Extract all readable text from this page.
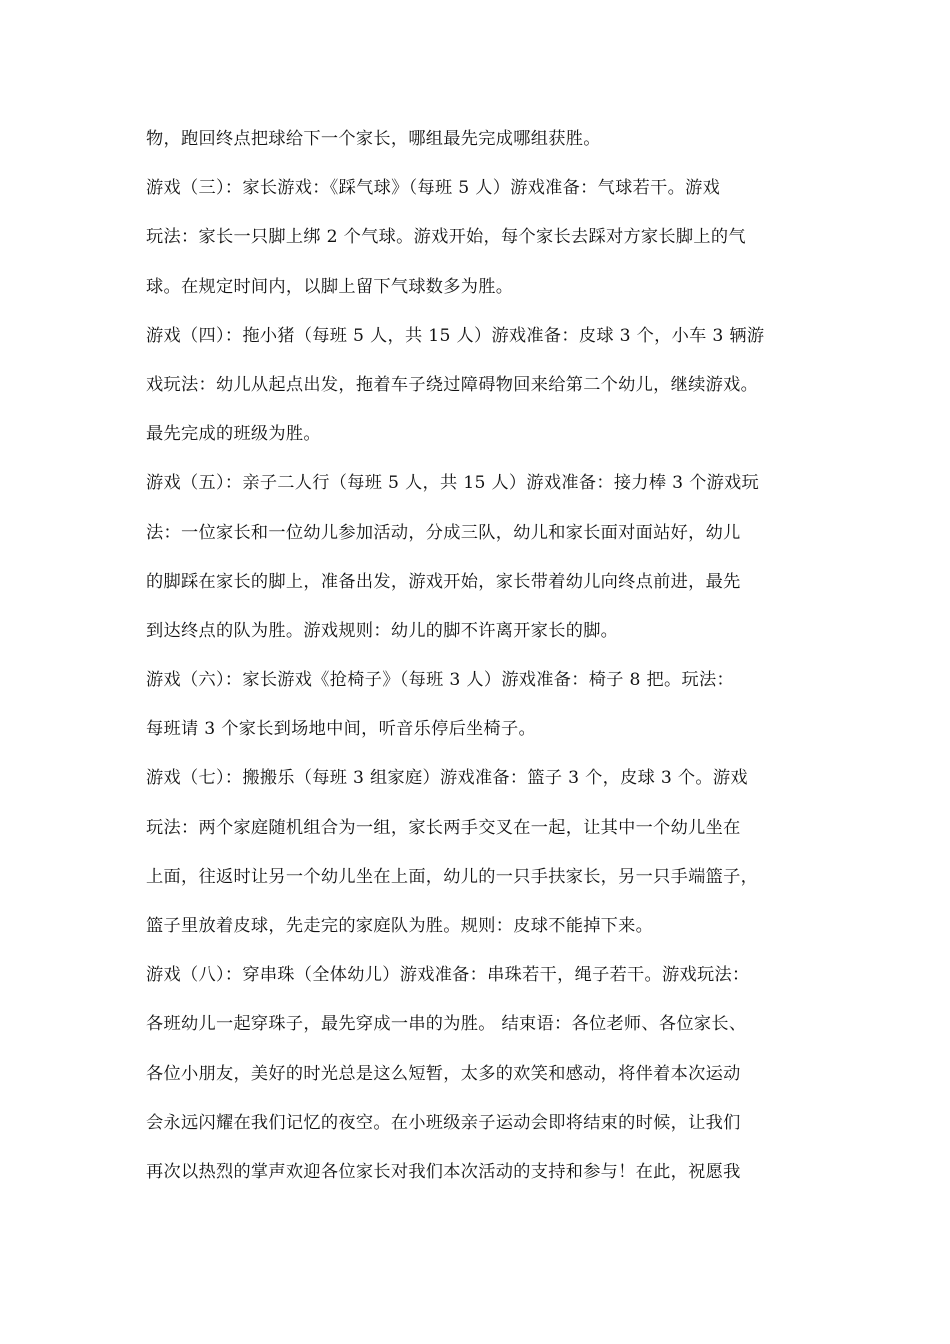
物，跑回终点把球给下一个家长，哪组最先完成哪组获胜。
游戏（三）：家长游戏：《踩气球》（每班 5 人）游戏准备：气球若干。游戏
玩法：家长一只脚上绑 2 个气球。游戏开始，每个家长去踩对方家长脚上的气
球。在规定时间内，以脚上留下气球数多为胜。
游戏（四）：拖小猪（每班 5 人，共 15 人）游戏准备：皮球 3 个，小车 3 辆游
戏玩法：幼儿从起点出发，拖着车子绕过障碍物回来给第二个幼儿，继续游戏。
最先完成的班级为胜。
游戏（五）：亲子二人行（每班 5 人，共 15 人）游戏准备：接力棒 3 个游戏玩
法：一位家长和一位幼儿参加活动，分成三队，幼儿和家长面对面站好，幼儿
的脚踩在家长的脚上，准备出发，游戏开始，家长带着幼儿向终点前进，最先
到达终点的队为胜。游戏规则：幼儿的脚不许离开家长的脚。
游戏（六）：家长游戏《抢椅子》（每班 3 人）游戏准备：椅子 8 把。玩法：
每班请 3 个家长到场地中间，听音乐停后坐椅子。
游戏（七）：搬搬乐（每班 3 组家庭）游戏准备：篮子 3 个，皮球 3 个。游戏
玩法：两个家庭随机组合为一组，家长两手交叉在一起，让其中一个幼儿坐在
上面，往返时让另一个幼儿坐在上面，幼儿的一只手扶家长，另一只手端篮子，
篮子里放着皮球，先走完的家庭队为胜。规则：皮球不能掉下来。
游戏（八）：穿串珠（全体幼儿）游戏准备：串珠若干，绳子若干。游戏玩法：
各班幼儿一起穿珠子，最先穿成一串的为胜。 结束语：各位老师、各位家长、
各位小朋友，美好的时光总是这么短暂，太多的欢笑和感动，将伴着本次运动
会永远闪耀在我们记忆的夜空。在小班级亲子运动会即将结束的时候，让我们
再次以热烈的掌声欢迎各位家长对我们本次活动的支持和参与！在此，祝愿我
